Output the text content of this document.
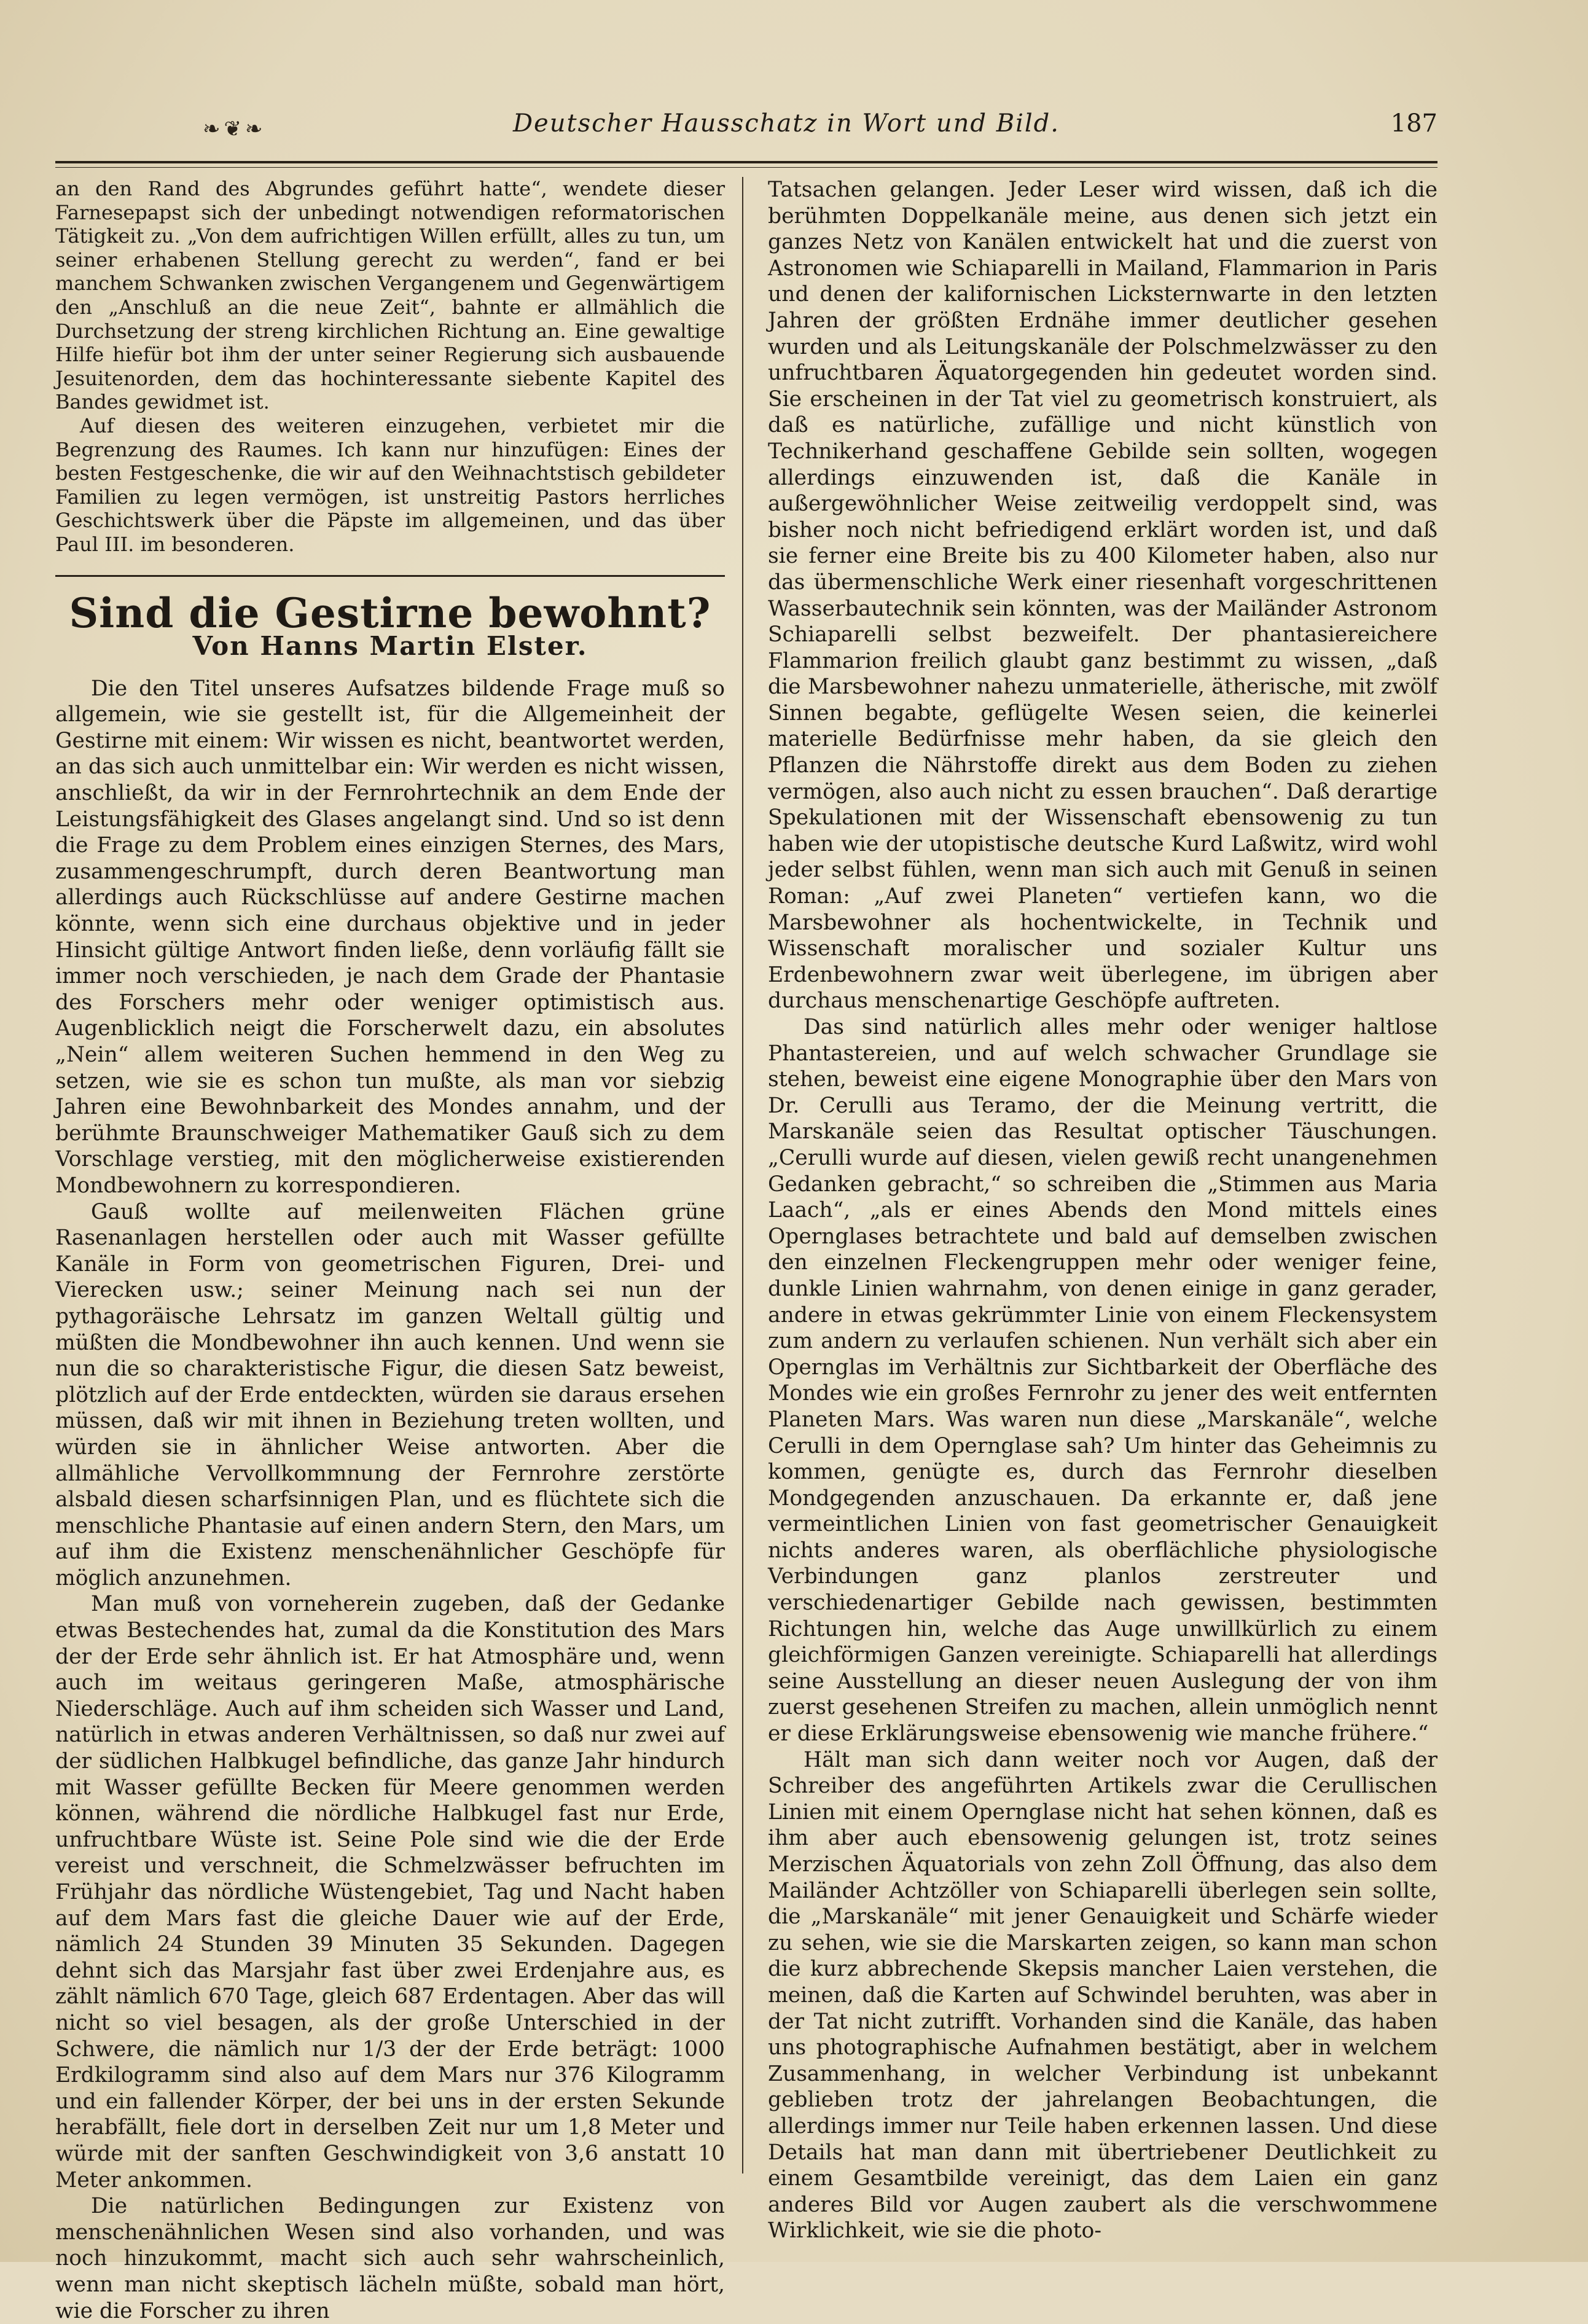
❧❦❧	Deutscher Hausschatz in Wort und Bild.	187

an den Rand des Abgrundes geführt hatte“, wendete dieser Farnesepapst sich der unbedingt notwendigen reformatorischen Tätigkeit zu. „Von dem aufrichtigen Willen erfüllt, alles zu tun, um seiner erhabenen Stellung gerecht zu werden“, fand er bei manchem Schwanken zwischen Vergangenem und Gegenwärtigem den „Anschluß an die neue Zeit“, bahnte er allmählich die Durchsetzung der streng kirchlichen Richtung an. Eine gewaltige Hilfe hiefür bot ihm der unter seiner Regierung sich ausbauende Jesuitenorden, dem das hochinteressante siebente Kapitel des Bandes gewidmet ist.

Auf diesen des weiteren einzugehen, verbietet mir die Begrenzung des Raumes. Ich kann nur hinzufügen: Eines der besten Festgeschenke, die wir auf den Weihnachtstisch gebildeter Familien zu legen vermögen, ist unstreitig Pastors herrliches Geschichtswerk über die Päpste im allgemeinen, und das über Paul III. im besonderen.

Sind die Gestirne bewohnt?
Von Hanns Martin Elster.

Die den Titel unseres Aufsatzes bildende Frage muß so allgemein, wie sie gestellt ist, für die Allgemeinheit der Gestirne mit einem: Wir wissen es nicht, beantwortet werden, an das sich auch unmittelbar ein: Wir werden es nicht wissen, anschließt, da wir in der Fernrohrtechnik an dem Ende der Leistungsfähigkeit des Glases angelangt sind. Und so ist denn die Frage zu dem Problem eines einzigen Sternes, des Mars, zusammengeschrumpft, durch deren Beantwortung man allerdings auch Rückschlüsse auf andere Gestirne machen könnte, wenn sich eine durchaus objektive und in jeder Hinsicht gültige Antwort finden ließe, denn vorläufig fällt sie immer noch verschieden, je nach dem Grade der Phantasie des Forschers mehr oder weniger optimistisch aus. Augenblicklich neigt die Forscherwelt dazu, ein absolutes „Nein“ allem weiteren Suchen hemmend in den Weg zu setzen, wie sie es schon tun mußte, als man vor siebzig Jahren eine Bewohnbarkeit des Mondes annahm, und der berühmte Braunschweiger Mathematiker Gauß sich zu dem Vorschlage verstieg, mit den möglicherweise existierenden Mondbewohnern zu korrespondieren.

Gauß wollte auf meilenweiten Flächen grüne Rasenanlagen herstellen oder auch mit Wasser gefüllte Kanäle in Form von geometrischen Figuren, Drei- und Vierecken usw.; seiner Meinung nach sei nun der pythagoräische Lehrsatz im ganzen Weltall gültig und müßten die Mondbewohner ihn auch kennen. Und wenn sie nun die so charakteristische Figur, die diesen Satz beweist, plötzlich auf der Erde entdeckten, würden sie daraus ersehen müssen, daß wir mit ihnen in Beziehung treten wollten, und würden sie in ähnlicher Weise antworten. Aber die allmähliche Vervollkommnung der Fernrohre zerstörte alsbald diesen scharfsinnigen Plan, und es flüchtete sich die menschliche Phantasie auf einen andern Stern, den Mars, um auf ihm die Existenz menschenähnlicher Geschöpfe für möglich anzunehmen.

Man muß von vorneherein zugeben, daß der Gedanke etwas Bestechendes hat, zumal da die Konstitution des Mars der der Erde sehr ähnlich ist. Er hat Atmosphäre und, wenn auch im weitaus geringeren Maße, atmosphärische Niederschläge. Auch auf ihm scheiden sich Wasser und Land, natürlich in etwas anderen Verhältnissen, so daß nur zwei auf der südlichen Halbkugel befindliche, das ganze Jahr hindurch mit Wasser gefüllte Becken für Meere genommen werden können, während die nördliche Halbkugel fast nur Erde, unfruchtbare Wüste ist. Seine Pole sind wie die der Erde vereist und verschneit, die Schmelzwässer befruchten im Frühjahr das nördliche Wüstengebiet, Tag und Nacht haben auf dem Mars fast die gleiche Dauer wie auf der Erde, nämlich 24 Stunden 39 Minuten 35 Sekunden. Dagegen dehnt sich das Marsjahr fast über zwei Erdenjahre aus, es zählt nämlich 670 Tage, gleich 687 Erdentagen. Aber das will nicht so viel besagen, als der große Unterschied in der Schwere, die nämlich nur 1/3 der der Erde beträgt: 1000 Erdkilogramm sind also auf dem Mars nur 376 Kilogramm und ein fallender Körper, der bei uns in der ersten Sekunde herabfällt, fiele dort in derselben Zeit nur um 1,8 Meter und würde mit der sanften Geschwindigkeit von 3,6 anstatt 10 Meter ankommen.

Die natürlichen Bedingungen zur Existenz von menschenähnlichen Wesen sind also vorhanden, und was noch hinzukommt, macht sich auch sehr wahrscheinlich, wenn man nicht skeptisch lächeln müßte, sobald man hört, wie die Forscher zu ihren

Tatsachen gelangen. Jeder Leser wird wissen, daß ich die berühmten Doppelkanäle meine, aus denen sich jetzt ein ganzes Netz von Kanälen entwickelt hat und die zuerst von Astronomen wie Schiaparelli in Mailand, Flammarion in Paris und denen der kalifornischen Licksternwarte in den letzten Jahren der größten Erdnähe immer deutlicher gesehen wurden und als Leitungskanäle der Polschmelzwässer zu den unfruchtbaren Äquatorgegenden hin gedeutet worden sind. Sie erscheinen in der Tat viel zu geometrisch konstruiert, als daß es natürliche, zufällige und nicht künstlich von Technikerhand geschaffene Gebilde sein sollten, wogegen allerdings einzuwenden ist, daß die Kanäle in außergewöhnlicher Weise zeitweilig verdoppelt sind, was bisher noch nicht befriedigend erklärt worden ist, und daß sie ferner eine Breite bis zu 400 Kilometer haben, also nur das übermenschliche Werk einer riesenhaft vorgeschrittenen Wasserbautechnik sein könnten, was der Mailänder Astronom Schiaparelli selbst bezweifelt. Der phantasiereichere Flammarion freilich glaubt ganz bestimmt zu wissen, „daß die Marsbewohner nahezu unmaterielle, ätherische, mit zwölf Sinnen begabte, geflügelte Wesen seien, die keinerlei materielle Bedürfnisse mehr haben, da sie gleich den Pflanzen die Nährstoffe direkt aus dem Boden zu ziehen vermögen, also auch nicht zu essen brauchen“. Daß derartige Spekulationen mit der Wissenschaft ebensowenig zu tun haben wie der utopistische deutsche Kurd Laßwitz, wird wohl jeder selbst fühlen, wenn man sich auch mit Genuß in seinen Roman: „Auf zwei Planeten“ vertiefen kann, wo die Marsbewohner als hochentwickelte, in Technik und Wissenschaft moralischer und sozialer Kultur uns Erdenbewohnern zwar weit überlegene, im übrigen aber durchaus menschenartige Geschöpfe auftreten.

Das sind natürlich alles mehr oder weniger haltlose Phantastereien, und auf welch schwacher Grundlage sie stehen, beweist eine eigene Monographie über den Mars von Dr. Cerulli aus Teramo, der die Meinung vertritt, die Marskanäle seien das Resultat optischer Täuschungen. „Cerulli wurde auf diesen, vielen gewiß recht unangenehmen Gedanken gebracht,“ so schreiben die „Stimmen aus Maria Laach“, „als er eines Abends den Mond mittels eines Opernglases betrachtete und bald auf demselben zwischen den einzelnen Fleckengruppen mehr oder weniger feine, dunkle Linien wahrnahm, von denen einige in ganz gerader, andere in etwas gekrümmter Linie von einem Fleckensystem zum andern zu verlaufen schienen. Nun verhält sich aber ein Opernglas im Verhältnis zur Sichtbarkeit der Oberfläche des Mondes wie ein großes Fernrohr zu jener des weit entfernten Planeten Mars. Was waren nun diese „Marskanäle“, welche Cerulli in dem Opernglase sah? Um hinter das Geheimnis zu kommen, genügte es, durch das Fernrohr dieselben Mondgegenden anzuschauen. Da erkannte er, daß jene vermeintlichen Linien von fast geometrischer Genauigkeit nichts anderes waren, als oberflächliche physiologische Verbindungen ganz planlos zerstreuter und verschiedenartiger Gebilde nach gewissen, bestimmten Richtungen hin, welche das Auge unwillkürlich zu einem gleichförmigen Ganzen vereinigte. Schiaparelli hat allerdings seine Ausstellung an dieser neuen Auslegung der von ihm zuerst gesehenen Streifen zu machen, allein unmöglich nennt er diese Erklärungsweise ebensowenig wie manche frühere.“

Hält man sich dann weiter noch vor Augen, daß der Schreiber des angeführten Artikels zwar die Cerullischen Linien mit einem Opernglase nicht hat sehen können, daß es ihm aber auch ebensowenig gelungen ist, trotz seines Merzischen Äquatorials von zehn Zoll Öffnung, das also dem Mailänder Achtzöller von Schiaparelli überlegen sein sollte, die „Marskanäle“ mit jener Genauigkeit und Schärfe wieder zu sehen, wie sie die Marskarten zeigen, so kann man schon die kurz abbrechende Skepsis mancher Laien verstehen, die meinen, daß die Karten auf Schwindel beruhten, was aber in der Tat nicht zutrifft. Vorhanden sind die Kanäle, das haben uns photographische Aufnahmen bestätigt, aber in welchem Zusammenhang, in welcher Verbindung ist unbekannt geblieben trotz der jahrelangen Beobachtungen, die allerdings immer nur Teile haben erkennen lassen. Und diese Details hat man dann mit übertriebener Deutlichkeit zu einem Gesamtbilde vereinigt, das dem Laien ein ganz anderes Bild vor Augen zaubert als die verschwommene Wirklichkeit, wie sie die photo-
